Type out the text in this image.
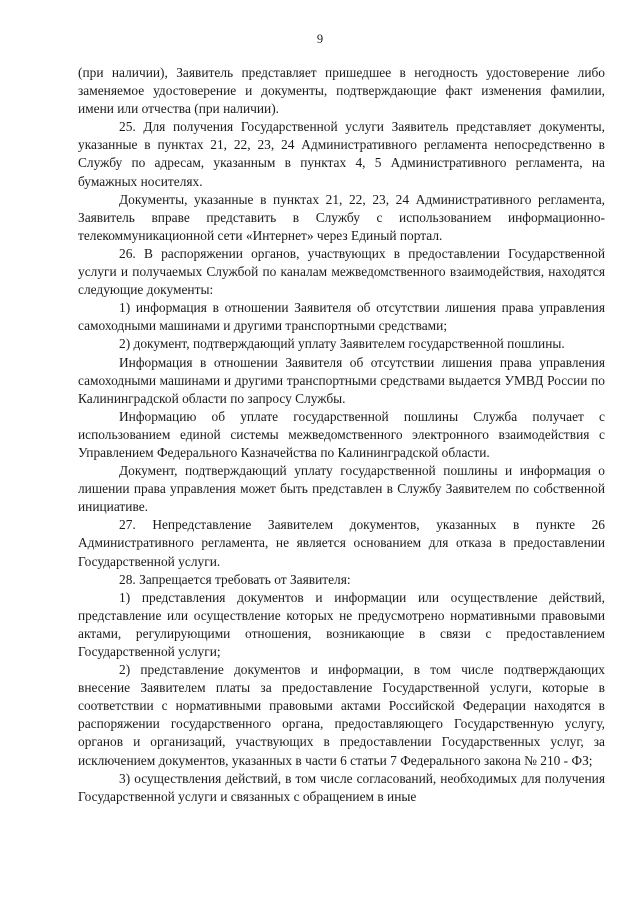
9

(при наличии), Заявитель представляет пришедшее в негодность удостоверение либо заменяемое удостоверение и документы, подтверждающие факт изменения фамилии, имени или отчества (при наличии).

25. Для получения Государственной услуги Заявитель представляет документы, указанные в пунктах 21, 22, 23, 24 Административного регламента непосредственно в Службу по адресам, указанным в пунктах 4, 5 Административного регламента, на бумажных носителях.

Документы, указанные в пунктах 21, 22, 23, 24 Административного регламента, Заявитель вправе представить в Службу с использованием информационно-телекоммуникационной сети «Интернет» через Единый портал.

26. В распоряжении органов, участвующих в предоставлении Государственной услуги и получаемых Службой по каналам межведомственного взаимодействия, находятся следующие документы:

1) информация в отношении Заявителя об отсутствии лишения права управления самоходными машинами и другими транспортными средствами;

2) документ, подтверждающий уплату Заявителем государственной пошлины.

Информация в отношении Заявителя об отсутствии лишения права управления самоходными машинами и другими транспортными средствами выдается УМВД России по Калининградской области по запросу Службы.

Информацию об уплате государственной пошлины Служба получает с использованием единой системы межведомственного электронного взаимодействия с Управлением Федерального Казначейства по Калининградской области.

Документ, подтверждающий уплату государственной пошлины и информация о лишении права управления может быть представлен в Службу Заявителем по собственной инициативе.

27. Непредставление Заявителем документов, указанных в пункте 26 Административного регламента, не является основанием для отказа в предоставлении Государственной услуги.

28. Запрещается требовать от Заявителя:

1) представления документов и информации или осуществление действий, представление или осуществление которых не предусмотрено нормативными правовыми актами, регулирующими отношения, возникающие в связи с предоставлением Государственной услуги;

2) представление документов и информации, в том числе подтверждающих внесение Заявителем платы за предоставление Государственной услуги, которые в соответствии с нормативными правовыми актами Российской Федерации находятся в распоряжении государственного органа, предоставляющего Государственную услугу, органов и организаций, участвующих в предоставлении Государственных услуг, за исключением документов, указанных в части 6 статьи 7 Федерального закона № 210 - ФЗ;

3) осуществления действий, в том числе согласований, необходимых для получения Государственной услуги и связанных с обращением в иные
